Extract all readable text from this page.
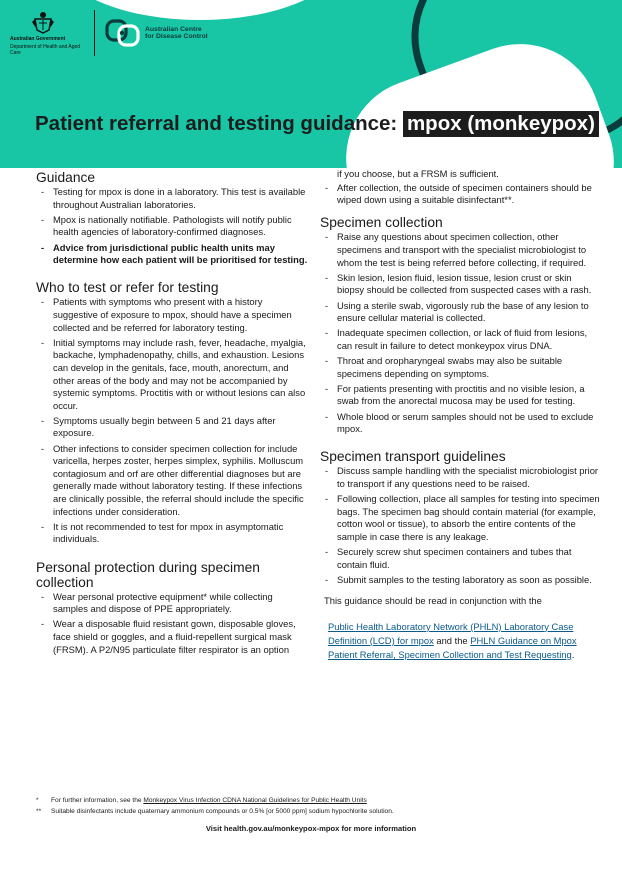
Australian Government
Department of Health and Aged Care
Australian Centre for Disease Control
Patient referral and testing guidance: mpox (monkeypox)
Guidance
- Testing for mpox is done in a laboratory. This test is available throughout Australian laboratories.
- Mpox is nationally notifiable. Pathologists will notify public health agencies of laboratory-confirmed diagnoses.
- Advice from jurisdictional public health units may determine how each patient will be prioritised for testing.
Who to test or refer for testing
- Patients with symptoms who present with a history suggestive of exposure to mpox, should have a specimen collected and be referred for laboratory testing.
- Initial symptoms may include rash, fever, headache, myalgia, backache, lymphadenopathy, chills, and exhaustion. Lesions can develop in the genitals, face, mouth, anorectum, and other areas of the body and may not be accompanied by systemic symptoms. Proctitis with or without lesions can also occur.
- Symptoms usually begin between 5 and 21 days after exposure.
- Other infections to consider specimen collection for include varicella, herpes zoster, herpes simplex, syphilis. Molluscum contagiosum and orf are other differential diagnoses but are generally made without laboratory testing. If these infections are clinically possible, the referral should include the specific infections under consideration.
- It is not recommended to test for mpox in asymptomatic individuals.
Personal protection during specimen collection
- Wear personal protective equipment* while collecting samples and dispose of PPE appropriately.
- Wear a disposable fluid resistant gown, disposable gloves, face shield or goggles, and a fluid-repellent surgical mask (FRSM). A P2/N95 particulate filter respirator is an option

if you choose, but a FRSM is sufficient.

- After collection, the outside of specimen containers should be wiped down using a suitable disinfectant**.
Specimen collection
- Raise any questions about specimen collection, other specimens and transport with the specialist microbiologist to whom the test is being referred before collecting, if required.
- Skin lesion, lesion fluid, lesion tissue, lesion crust or skin biopsy should be collected from suspected cases with a rash.
- Using a sterile swab, vigorously rub the base of any lesion to ensure cellular material is collected.
- Inadequate specimen collection, or lack of fluid from lesions, can result in failure to detect monkeypox virus DNA.
- Throat and oropharyngeal swabs may also be suitable specimens depending on symptoms.
- For patients presenting with proctitis and no visible lesion, a swab from the anorectal mucosa may be used for testing.
- Whole blood or serum samples should not be used to exclude mpox.
Specimen transport guidelines
- Discuss sample handling with the specialist microbiologist prior to transport if any questions need to be raised.
- Following collection, place all samples for testing into specimen bags. The specimen bag should contain material (for example, cotton wool or tissue), to absorb the entire contents of the sample in case there is any leakage.
- Securely screw shut specimen containers and tubes that contain fluid.
- Submit samples to the testing laboratory as soon as possible.

This guidance should be read in conjunction with the

Public Health Laboratory Network (PHLN) Laboratory Case Definition (LCD) for mpox and the PHLN Guidance on Mpox Patient Referral, Specimen Collection and Test Requesting.
*	For further information, see the Monkeypox Virus Infection CDNA National Guidelines for Public Health Units
**	Suitable disinfectants include quaternary ammonium compounds or 0.5% [or 5000 ppm] sodium hypochlorite solution.
Visit health.gov.au/monkeypox-mpox for more information
